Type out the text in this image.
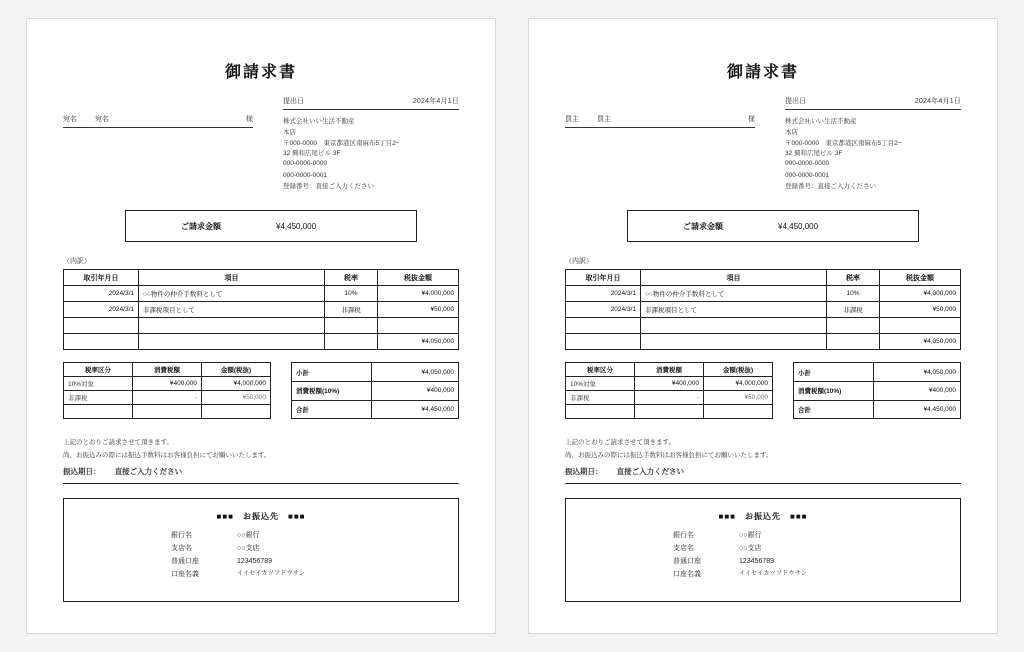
御請求書
宛名	宛名	様
提出日	2024年4月1日
株式会社いい生活不動産
本店
〒000-0000　東京都港区南麻布5丁目2−
32 興和広尾ビル 3F
000-0000-0000
000-0000-0001
登録番号：直接ご入力ください
ご請求金額	¥4,450,000
（内訳）
取引年月日	項目	税率	税抜金額
2024/3/1	○○物件の仲介手数料として	10%	¥4,000,000
2024/3/1	非課税項目として	非課税	¥50,000

			¥4,050,000
税率区分	消費税額	金額(税抜)
10%対象	¥400,000	¥4,000,000
非課税	-	¥50,000

小計	¥4,050,000
消費税額(10%)	¥400,000
合計	¥4,450,000
上記のとおりご請求させて頂きます。
尚、お振込みの際には振込手数料はお客様負担にてお願いいたします。
振込期日： 直接ご入力ください
■■■　お振込先　■■■
銀行名	○○銀行
支店名	○○支店
普通口座	123456789
口座名義	イイセイカツフドウサン
御請求書
買主	買主	様
提出日	2024年4月1日
株式会社いい生活不動産
本店
〒000-0000　東京都港区南麻布5丁目2−
32 興和広尾ビル 3F
000-0000-0000
000-0000-0001
登録番号：直接ご入力ください
ご請求金額	¥4,450,000
（内訳）
取引年月日	項目	税率	税抜金額
2024/3/1	○○物件の仲介手数料として	10%	¥4,000,000
2024/3/1	非課税項目として	非課税	¥50,000

			¥4,050,000
税率区分	消費税額	金額(税抜)
10%対象	¥400,000	¥4,000,000
非課税	-	¥50,000

小計	¥4,050,000
消費税額(10%)	¥400,000
合計	¥4,450,000
上記のとおりご請求させて頂きます。
尚、お振込みの際には振込手数料はお客様負担にてお願いいたします。
振込期日： 直接ご入力ください
■■■　お振込先　■■■
銀行名	○○銀行
支店名	○○支店
普通口座	123456789
口座名義	イイセイカツフドウサン
